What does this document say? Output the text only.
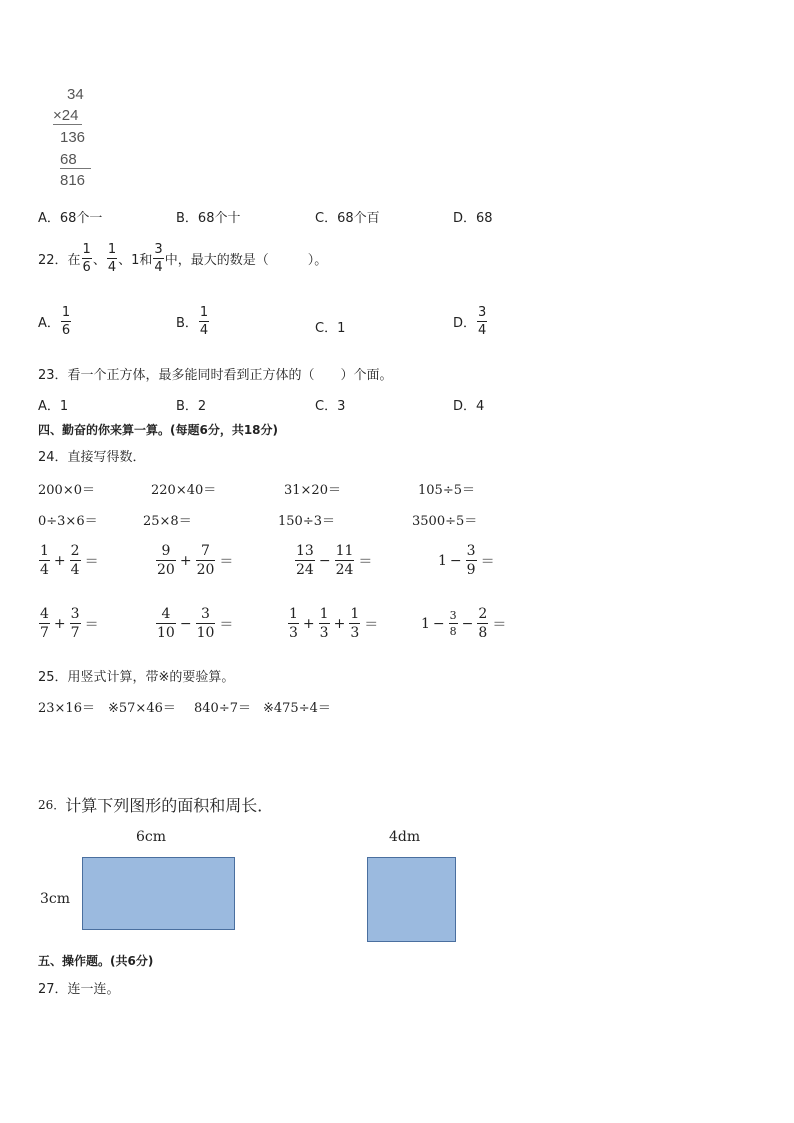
34
×24
136
68
816
A．68个一	B．68个十	C．68个百	D．68
22．在 $\frac{1}{6}$ 、 $\frac{1}{4}$ 、1和 $\frac{3}{4}$ 中，最大的数是（　　　）。
A． $\frac{1}{6}$	B． $\frac{1}{4}$	C．1	D． $\frac{3}{4}$
23．看一个正方体，最多能同时看到正方体的（　　）个面。
A．1	B．2	C．3	D．4
四、勤奋的你来算一算。(每题6分，共18分)
24．直接写得数．
200×0＝	220×40＝	31×20＝	105÷5＝
0÷3×6＝	25×8＝	150÷3＝	3500÷5＝
$\frac{1}{4} + \frac{2}{4}$ ＝	$\frac{9}{20} + \frac{7}{20}$ ＝	$\frac{13}{24} - \frac{11}{24}$ ＝	$1 - \frac{3}{9}$ ＝
$\frac{4}{7} + \frac{3}{7}$ ＝	$\frac{4}{10} - \frac{3}{10}$ ＝	$\frac{1}{3} + \frac{1}{3} + \frac{1}{3}$ ＝	$1 - \frac{3}{8} - \frac{2}{8}$ ＝
25．用竖式计算，带※的要验算。
23×16＝ ※57×46＝ 840÷7＝ ※475÷4＝
26． 计算下列图形的面积和周长．
6cm
3cm
4dm
五、操作题。(共6分)
27．连一连。
